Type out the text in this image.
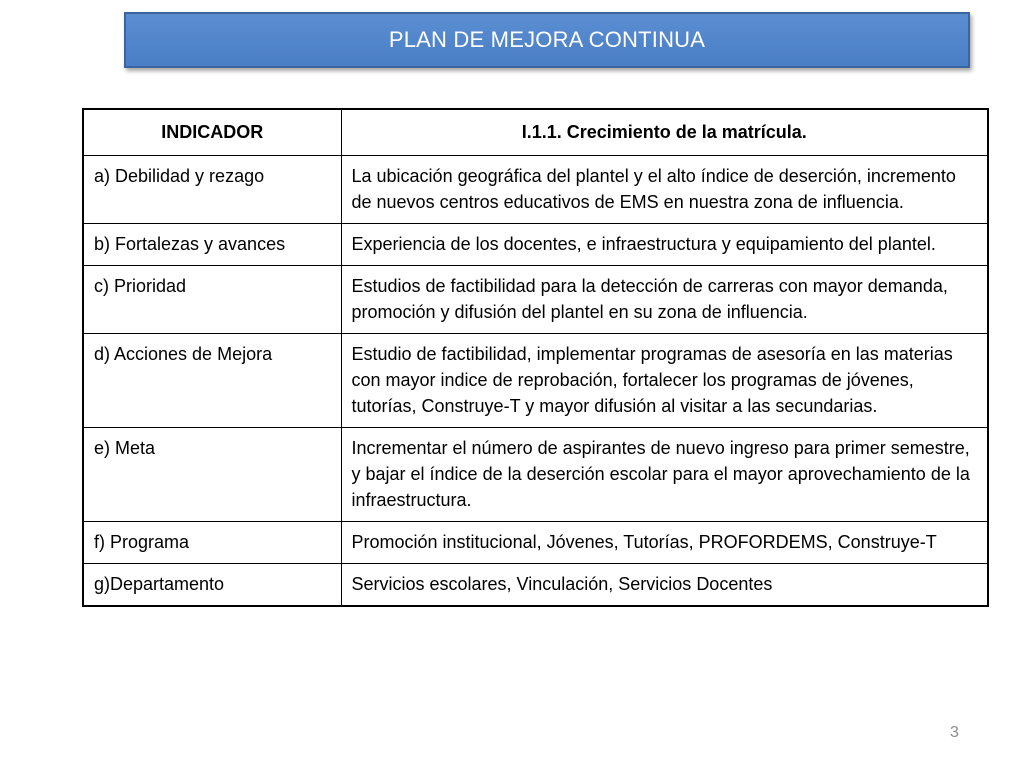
PLAN DE MEJORA CONTINUA
INDICADOR	I.1.1. Crecimiento de la matrícula.
a) Debilidad y rezago	La ubicación geográfica del plantel y el alto índice de deserción, incremento de nuevos centros educativos de EMS en nuestra zona de influencia.
b) Fortalezas y avances	Experiencia de los docentes, e infraestructura y equipamiento del plantel.
c) Prioridad	Estudios de factibilidad para la detección de carreras con mayor demanda, promoción y difusión del plantel en su zona de influencia.
d) Acciones de Mejora	Estudio de factibilidad, implementar programas de asesoría en las materias con mayor indice de reprobación, fortalecer los programas de jóvenes, tutorías, Construye-T y mayor difusión al visitar a las secundarias.
e) Meta	Incrementar el número de aspirantes de nuevo ingreso para primer semestre, y bajar el índice de la deserción escolar para el mayor aprovechamiento de la infraestructura.
f) Programa	Promoción institucional, Jóvenes, Tutorías, PROFORDEMS, Construye-T
g)Departamento	Servicios escolares, Vinculación, Servicios Docentes
3
